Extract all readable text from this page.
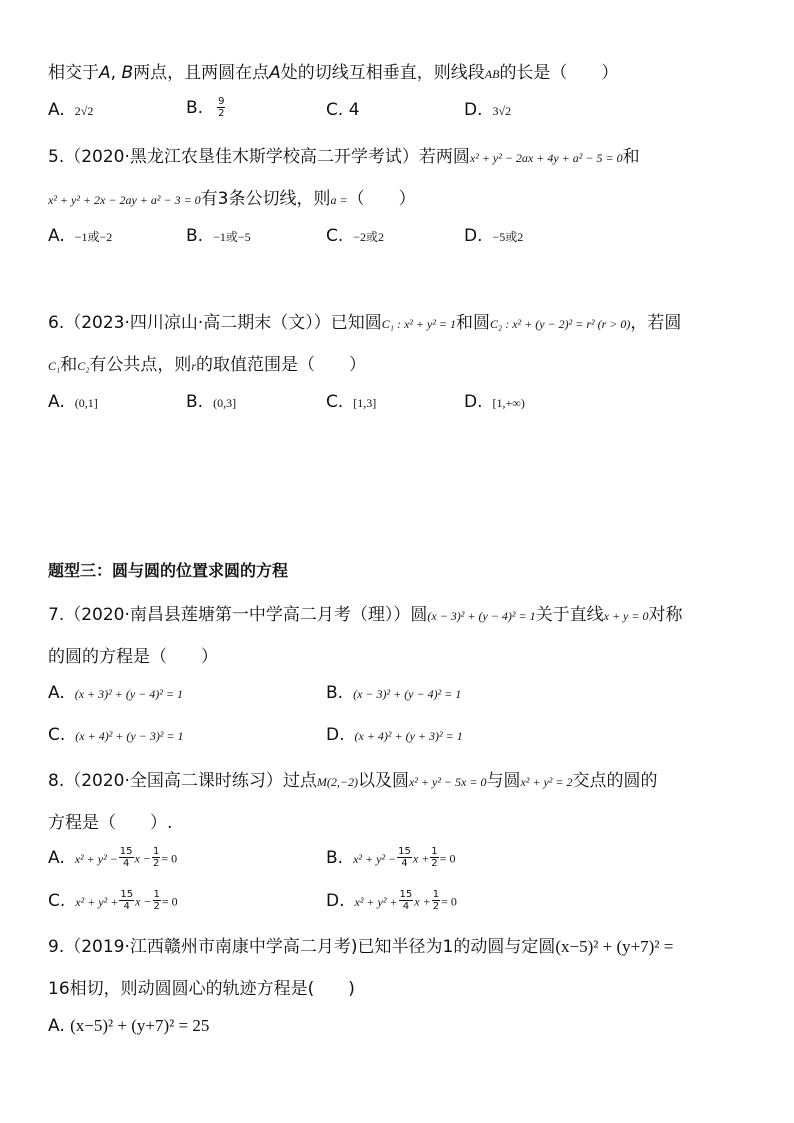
相交于A, B两点，且两圆在点A处的切线互相垂直，则线段AB的长是（　　）
A. 2√2	B. $\frac{9}{2}$	C. 4	D. 3√2
5.（2020·黑龙江农垦佳木斯学校高二开学考试）若两圆x² + y² − 2ax + 4y + a² − 5 = 0和
x² + y² + 2x − 2ay + a² − 3 = 0有3条公切线，则a =（　　）
A. −1或−2	B. −1或−5	C. −2或2	D. −5或2
6.（2023·四川凉山·高二期末（文））已知圆C₁ : x² + y² = 1和圆C₂ : x² + (y − 2)² = r² (r > 0)，若圆
C₁和C₂有公共点，则r的取值范围是（　　）
A. (0,1]	B. (0,3]	C. [1,3]	D. [1,+∞)
题型三：圆与圆的位置求圆的方程
7.（2020·南昌县莲塘第一中学高二月考（理））圆(x − 3)² + (y − 4)² = 1关于直线x + y = 0对称
的圆的方程是（　　）
A. (x + 3)² + (y − 4)² = 1	B. (x − 3)² + (y − 4)² = 1
C. (x + 4)² + (y − 3)² = 1	D. (x + 4)² + (y + 3)² = 1
8.（2020·全国高二课时练习）过点M(2,−2)以及圆x² + y² − 5x = 0与圆x² + y² = 2交点的圆的
方程是（　　）.
A. $x^2 + y^2 - \frac{15}{4}$ $x - \frac{1}{2} = 0$	B. $x^2 + y^2 - \frac{15}{4}$ $x + \frac{1}{2} = 0$
C. $x^2 + y^2 + \frac{15}{4}$ $x - \frac{1}{2} = 0$	D. $x^2 + y^2 + \frac{15}{4}$ $x + \frac{1}{2} = 0$
9.（2019·江西赣州市南康中学高二月考)已知半径为1的动圆与定圆(x−5)² + (y+7)² =
16相切，则动圆圆心的轨迹方程是(　　)
A. (x−5)² + (y+7)² = 25
